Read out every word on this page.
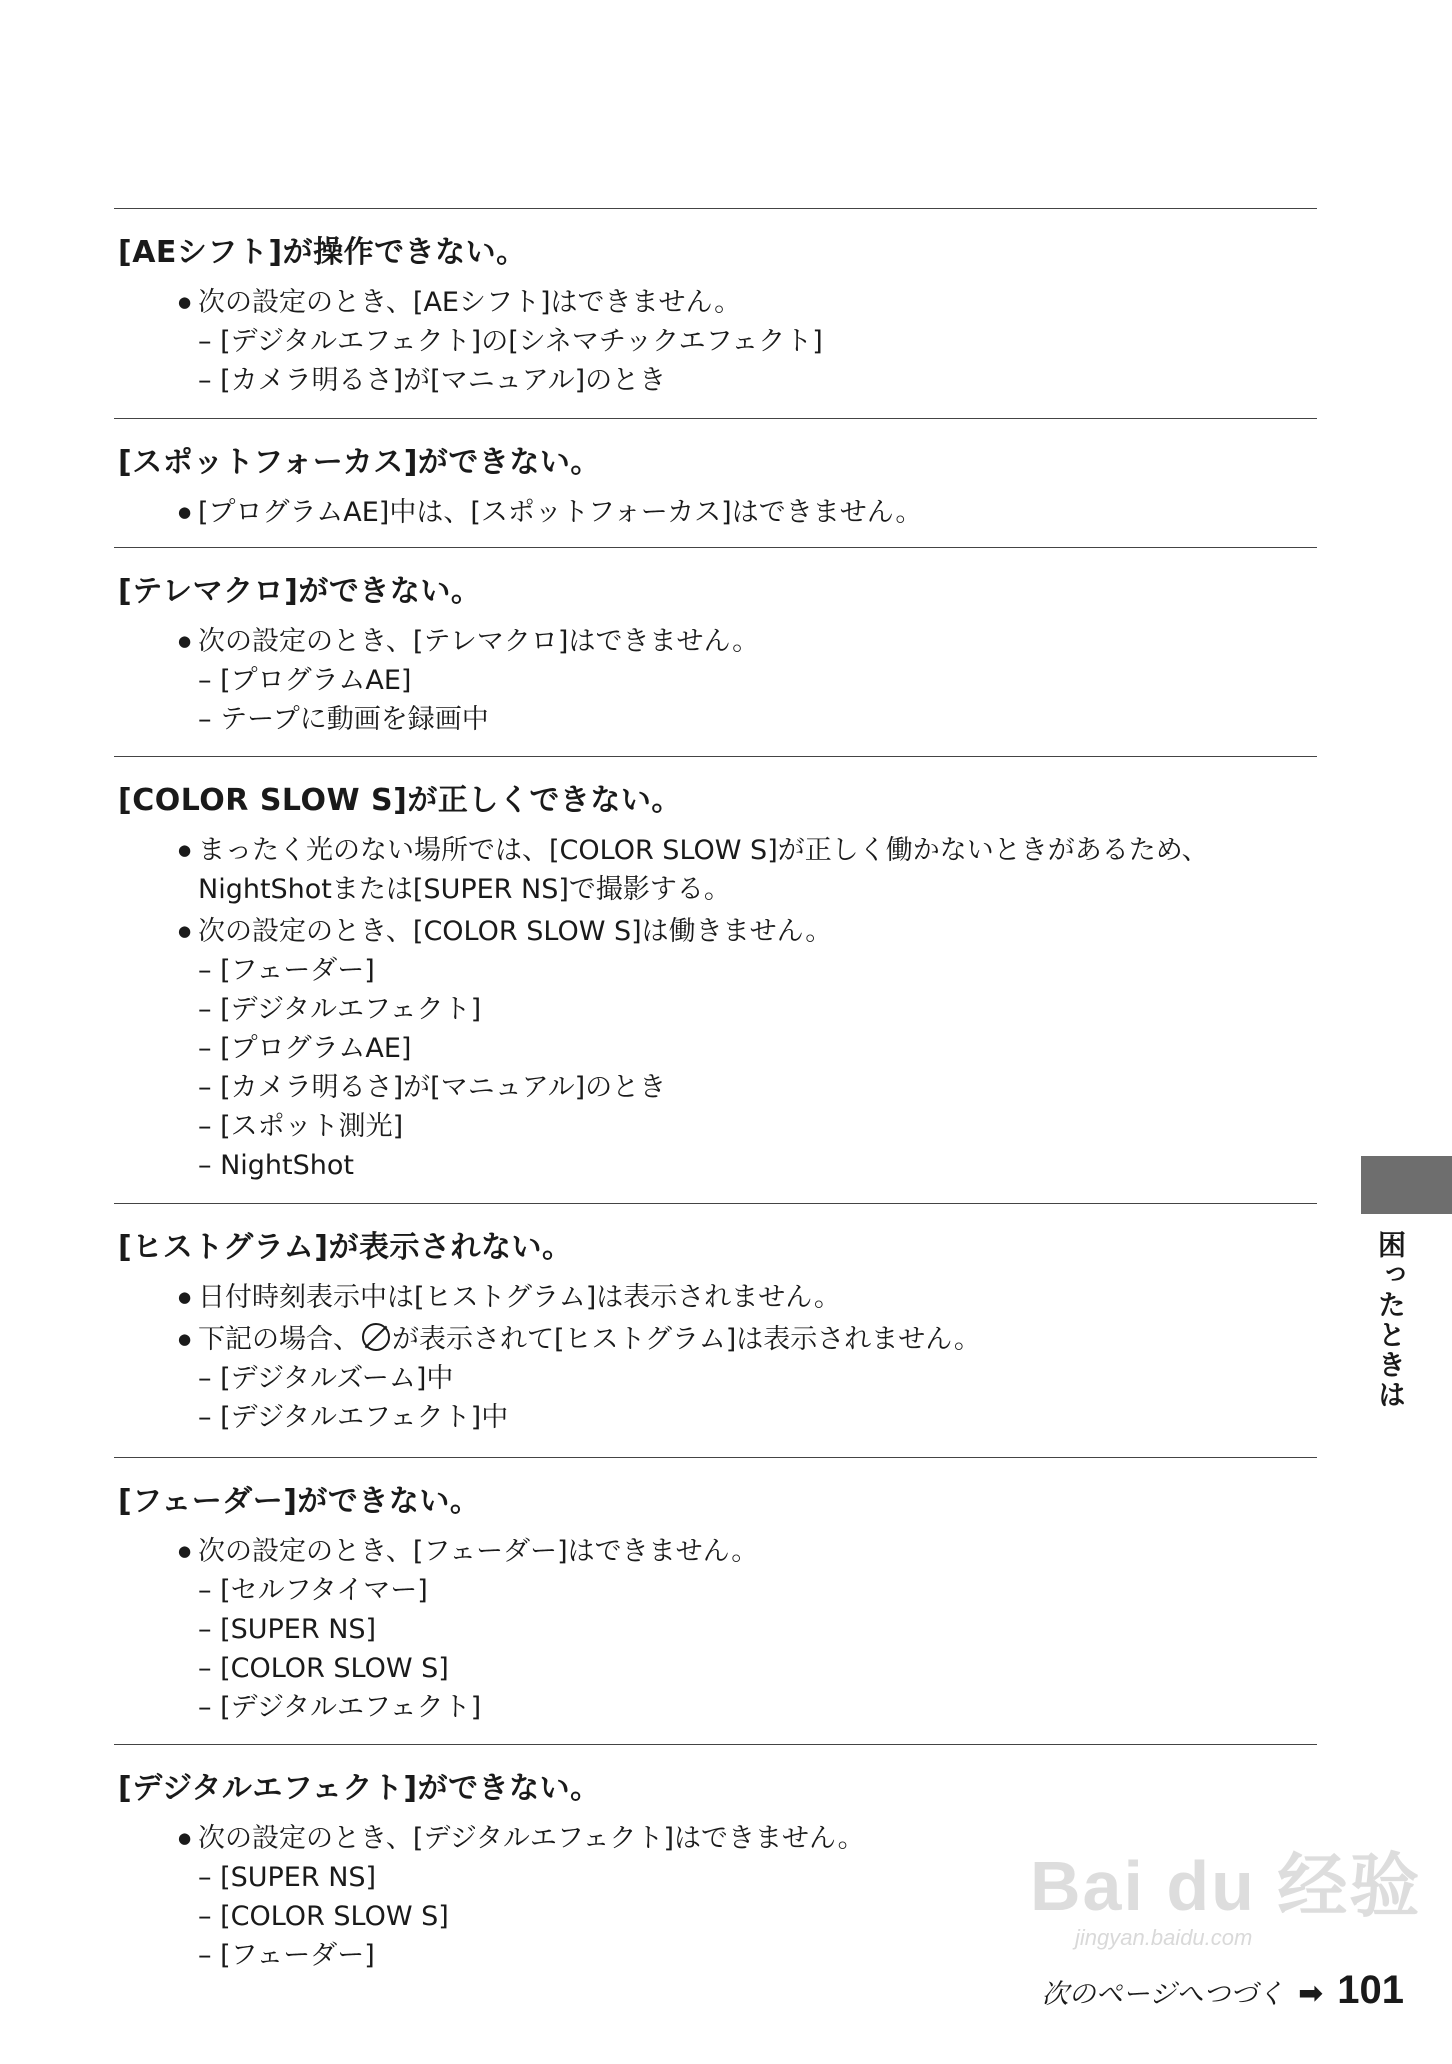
[AEシフト]が操作できない。
● 次の設定のとき、[AEシフト]はできません。
– [デジタルエフェクト]の[シネマチックエフェクト]
– [カメラ明るさ]が[マニュアル]のとき
[スポットフォーカス]ができない。
● [プログラムAE]中は、[スポットフォーカス]はできません。
[テレマクロ]ができない。
● 次の設定のとき、[テレマクロ]はできません。
– [プログラムAE]
– テープに動画を録画中
[COLOR SLOW S]が正しくできない。
● まったく光のない場所では、[COLOR SLOW S]が正しく働かないときがあるため、
NightShotまたは[SUPER NS]で撮影する。
● 次の設定のとき、[COLOR SLOW S]は働きません。
– [フェーダー]
– [デジタルエフェクト]
– [プログラムAE]
– [カメラ明るさ]が[マニュアル]のとき
– [スポット測光]
– NightShot
[ヒストグラム]が表示されない。
● 日付時刻表示中は[ヒストグラム]は表示されません。
● 下記の場合、 が表示されて[ヒストグラム]は表示されません。
– [デジタルズーム]中
– [デジタルエフェクト]中
[フェーダー]ができない。
● 次の設定のとき、[フェーダー]はできません。
– [セルフタイマー]
– [SUPER NS]
– [COLOR SLOW S]
– [デジタルエフェクト]
[デジタルエフェクト]ができない。
● 次の設定のとき、[デジタルエフェクト]はできません。
– [SUPER NS]
– [COLOR SLOW S]
– [フェーダー]
困ったときは
Bai du 经验
jingyan.baidu.com
次のページへつづく ➡ 101
